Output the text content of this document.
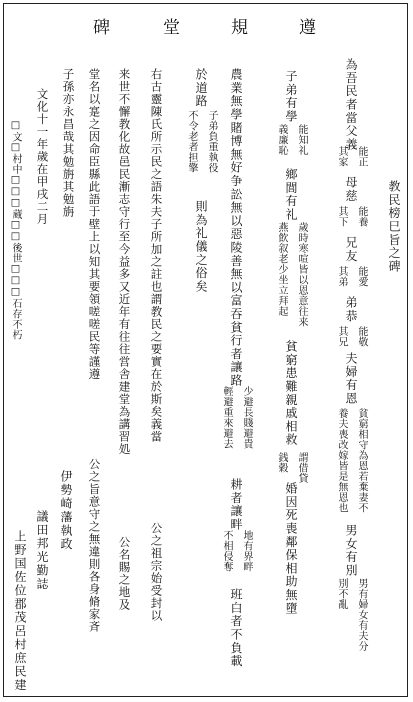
碑	堂	規	遵
教民榜巳旨之碑
為吾民者當父義
能正
其家
母慈
能養
其下
兄友
能愛
其弟
弟恭
能敬
其兄
夫婦有恩
貧窮相守為恩若棄妻不
養夫喪改嫁皆是無恩也
男女有別
男有婦女有夫分
別不亂
子弟有學
能知礼
義廉恥
鄉閭有礼
歲時寒喧皆以恩意往来
燕飲叙老少坐立拜起
貧窮患難親戚相救
謂借貸
銭穀
婚因死喪鄰保相助無墮
農業無學賭博無好争訟無以惡陵善無以富吞貧行者讓路
少避長賤避貴
輕避重來避去
耕者讓畔
地有界畔
不相侵奪
班白者不負載
於道路
子弟負重執役
不令老者担擎
則為礼儀之俗矣
右古靈陳氏所示民之語朱夫子所加之註也謂教民之要實在於斯矣義當
公之祖宗始受封以
来世不懈教化故邑民漸志守行至今益多又近年有往往営舎建堂為講習処
公名賜之地及
堂名以寔之因命臣縣此語于壁上以知其要領嗟嗟民等謹遵
公之旨意守之無違則各身脩家斉
子孫亦永昌哉其勉旃其勉旃
文化十一年歲在甲戌二月
□文□村中□□□蔵□□後世□□□石存不朽
伊勢崎藩執政
議田邦光勤誌
上野国佐位郡茂呂村庶民建
